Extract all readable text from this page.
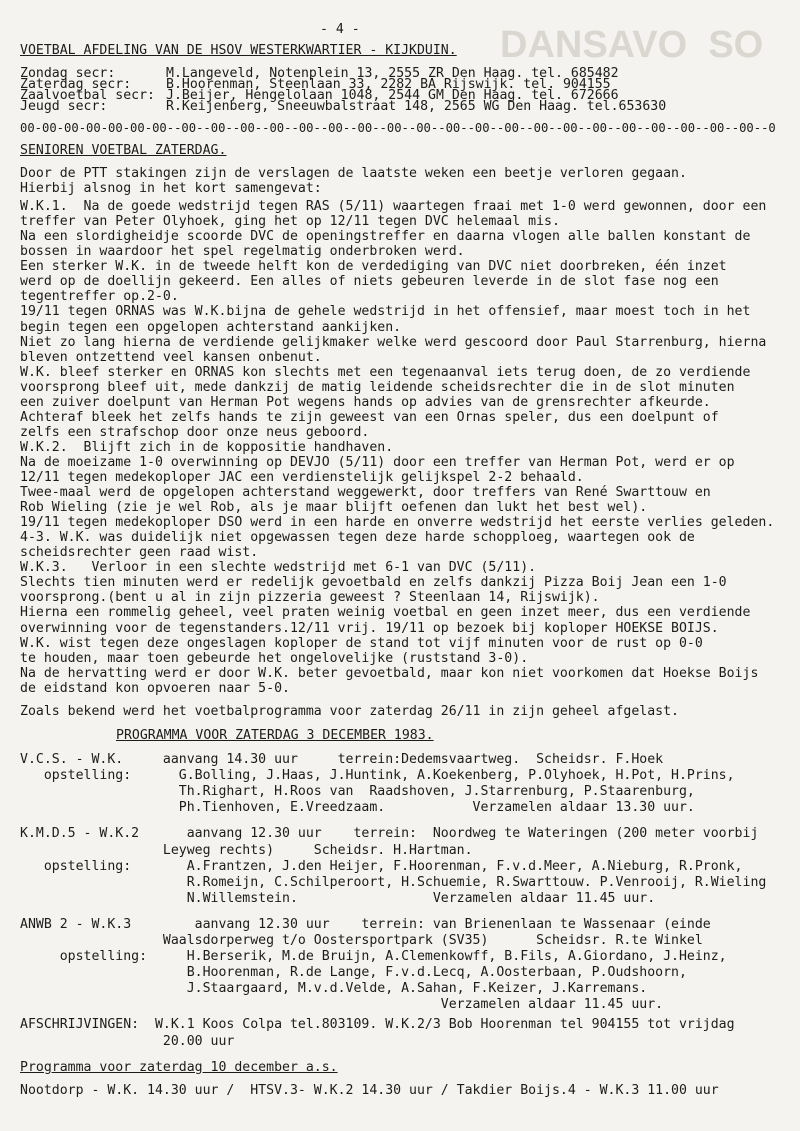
DANSAVO  SO
- 4 -
VOETBAL AFDELING VAN DE HSOV WESTERKWARTIER - KIJKDUIN.
Zondag secr:	M.Langeveld, Notenplein 13, 2555 ZR Den Haag. tel. 685482
Zaterdag secr:	B.Hoorenman, Steenlaan 33, 2282 BA Rijswijk. tel. 904155
Zaalvoetbal secr: J.Beijer, Hengelolaan 1048, 2544 GM Den Haag. tel. 672666
Jeugd secr:	R.Keijenberg, Sneeuwbalstraat 148, 2565 WG Den Haag. tel.653630
00-00-00-00-00-00-00--00--00--00--00--00--00--00--00--00--00--00--00--00--00--00--00--00--00--00--00--0
SENIOREN VOETBAL ZATERDAG.
Door de PTT stakingen zijn de verslagen de laatste weken een beetje verloren gegaan.
Hierbij alsnog in het kort samengevat:
W.K.1.  Na de goede wedstrijd tegen RAS (5/11) waartegen fraai met 1-0 werd gewonnen, door een
treffer van Peter Olyhoek, ging het op 12/11 tegen DVC helemaal mis.
Na een slordigheidje scoorde DVC de openingstreffer en daarna vlogen alle ballen konstant de
bossen in waardoor het spel regelmatig onderbroken werd.
Een sterker W.K. in de tweede helft kon de verdediging van DVC niet doorbreken, één inzet
werd op de doellijn gekeerd. Een alles of niets gebeuren leverde in de slot fase nog een
tegentreffer op.2-0.
19/11 tegen ORNAS was W.K.bijna de gehele wedstrijd in het offensief, maar moest toch in het
begin tegen een opgelopen achterstand aankijken.
Niet zo lang hierna de verdiende gelijkmaker welke werd gescoord door Paul Starrenburg, hierna
bleven ontzettend veel kansen onbenut.
W.K. bleef sterker en ORNAS kon slechts met een tegenaanval iets terug doen, de zo verdiende
voorsprong bleef uit, mede dankzij de matig leidende scheidsrechter die in de slot minuten
een zuiver doelpunt van Herman Pot wegens hands op advies van de grensrechter afkeurde.
Achteraf bleek het zelfs hands te zijn geweest van een Ornas speler, dus een doelpunt of
zelfs een strafschop door onze neus geboord.
W.K.2.  Blijft zich in de koppositie handhaven.
Na de moeizame 1-0 overwinning op DEVJO (5/11) door een treffer van Herman Pot, werd er op
12/11 tegen medekoploper JAC een verdienstelijk gelijkspel 2-2 behaald.
Twee-maal werd de opgelopen achterstand weggewerkt, door treffers van René Swarttouw en
Rob Wieling (zie je wel Rob, als je maar blijft oefenen dan lukt het best wel).
19/11 tegen medekoploper DSO werd in een harde en onverre wedstrijd het eerste verlies geleden.
4-3. W.K. was duidelijk niet opgewassen tegen deze harde schopploeg, waartegen ook de
scheidsrechter geen raad wist.
W.K.3.   Verloor in een slechte wedstrijd met 6-1 van DVC (5/11).
Slechts tien minuten werd er redelijk gevoetbald en zelfs dankzij Pizza Boij Jean een 1-0
voorsprong.(bent u al in zijn pizzeria geweest ? Steenlaan 14, Rijswijk).
Hierna een rommelig geheel, veel praten weinig voetbal en geen inzet meer, dus een verdiende
overwinning voor de tegenstanders.12/11 vrij. 19/11 op bezoek bij koploper HOEKSE BOIJS.
W.K. wist tegen deze ongeslagen koploper de stand tot vijf minuten voor de rust op 0-0
te houden, maar toen gebeurde het ongelovelijke (ruststand 3-0).
Na de hervatting werd er door W.K. beter gevoetbald, maar kon niet voorkomen dat Hoekse Boijs
de eidstand kon opvoeren naar 5-0.
Zoals bekend werd het voetbalprogramma voor zaterdag 26/11 in zijn geheel afgelast.
PROGRAMMA VOOR ZATERDAG 3 DECEMBER 1983.
V.C.S. - W.K.     aanvang 14.30 uur     terrein:Dedemsvaartweg.  Scheidsr. F.Hoek
opstelling:      G.Bolling, J.Haas, J.Huntink, A.Koekenberg, P.Olyhoek, H.Pot, H.Prins,
Th.Righart, H.Roos van  Raadshoven, J.Starrenburg, P.Staarenburg,
Ph.Tienhoven, E.Vreedzaam.           Verzamelen aldaar 13.30 uur.
K.M.D.5 - W.K.2      aanvang 12.30 uur    terrein:  Noordweg te Wateringen (200 meter voorbij
Leyweg rechts)     Scheidsr. H.Hartman.
opstelling:       A.Frantzen, J.den Heijer, F.Hoorenman, F.v.d.Meer, A.Nieburg, R.Pronk,
R.Romeijn, C.Schilperoort, H.Schuemie, R.Swarttouw. P.Venrooij, R.Wieling
N.Willemstein.                 Verzamelen aldaar 11.45 uur.
ANWB 2 - W.K.3        aanvang 12.30 uur    terrein: van Brienenlaan te Wassenaar (einde
Waalsdorperweg t/o Oostersportpark (SV35)      Scheidsr. R.te Winkel
opstelling:     H.Berserik, M.de Bruijn, A.Clemenkowff, B.Fils, A.Giordano, J.Heinz,
B.Hoorenman, R.de Lange, F.v.d.Lecq, A.Oosterbaan, P.Oudshoorn,
J.Staargaard, M.v.d.Velde, A.Sahan, F.Keizer, J.Karremans.
Verzamelen aldaar 11.45 uur.
AFSCHRIJVINGEN:  W.K.1 Koos Colpa tel.803109. W.K.2/3 Bob Hoorenman tel 904155 tot vrijdag
20.00 uur
Programma voor zaterdag 10 december a.s.
Nootdorp - W.K. 14.30 uur /  HTSV.3- W.K.2 14.30 uur / Takdier Boijs.4 - W.K.3 11.00 uur
